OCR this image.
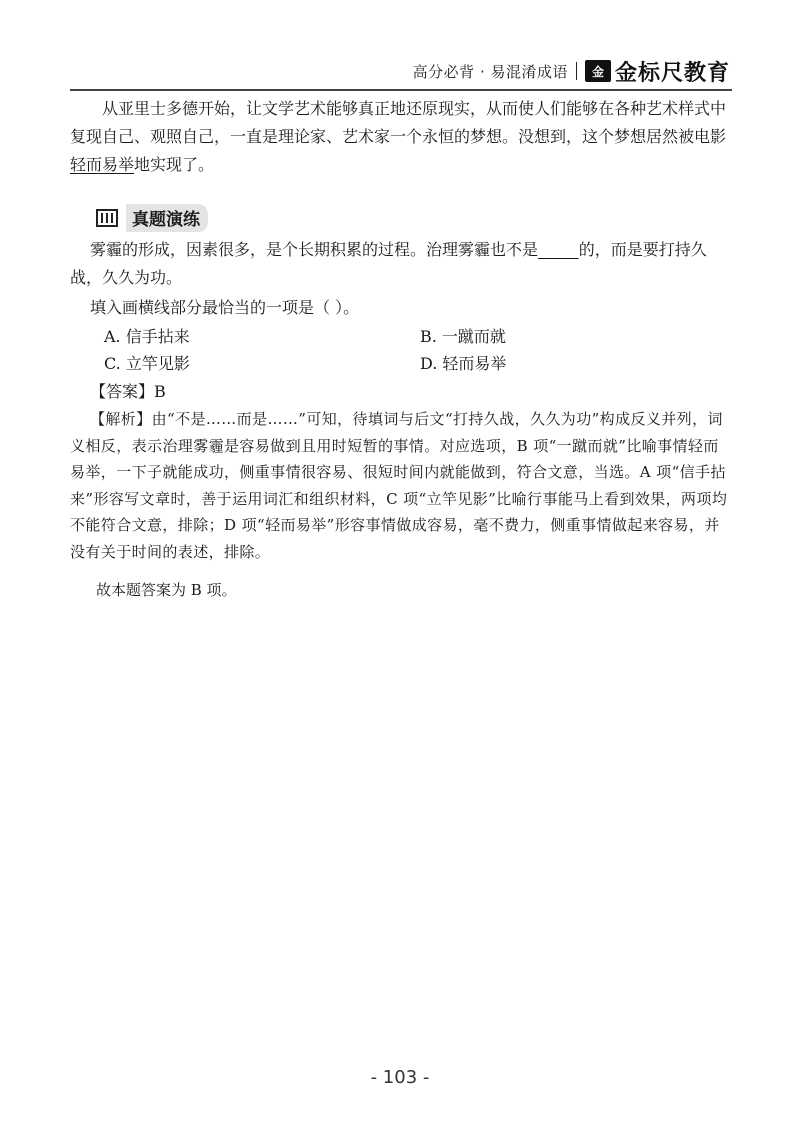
高分必背 · 易混淆成语	金 金标尺教育

从亚里士多德开始，让文学艺术能够真正地还原现实，从而使人们能够在各种艺术样式中复现自己、观照自己，一直是理论家、艺术家一个永恒的梦想。没想到，这个梦想居然被电影轻而易举地实现了。

真题演练

雾霾的形成，因素很多，是个长期积累的过程。治理雾霾也不是	的，而是要打持久战，久久为功。

填入画横线部分最恰当的一项是（ ）。

A. 信手拈来	B. 一蹴而就
C. 立竿见影	D. 轻而易举
【答案】B

【解析】由“不是……而是……”可知，待填词与后文“打持久战，久久为功”构成反义并列，词义相反，表示治理雾霾是容易做到且用时短暂的事情。对应选项，B 项“一蹴而就”比喻事情轻而易举，一下子就能成功，侧重事情很容易、很短时间内就能做到，符合文意，当选。A 项“信手拈来”形容写文章时，善于运用词汇和组织材料，C 项“立竿见影”比喻行事能马上看到效果，两项均不能符合文意，排除；D 项“轻而易举”形容事情做成容易，毫不费力，侧重事情做起来容易，并没有关于时间的表述，排除。

故本题答案为 B 项。
- 103 -
